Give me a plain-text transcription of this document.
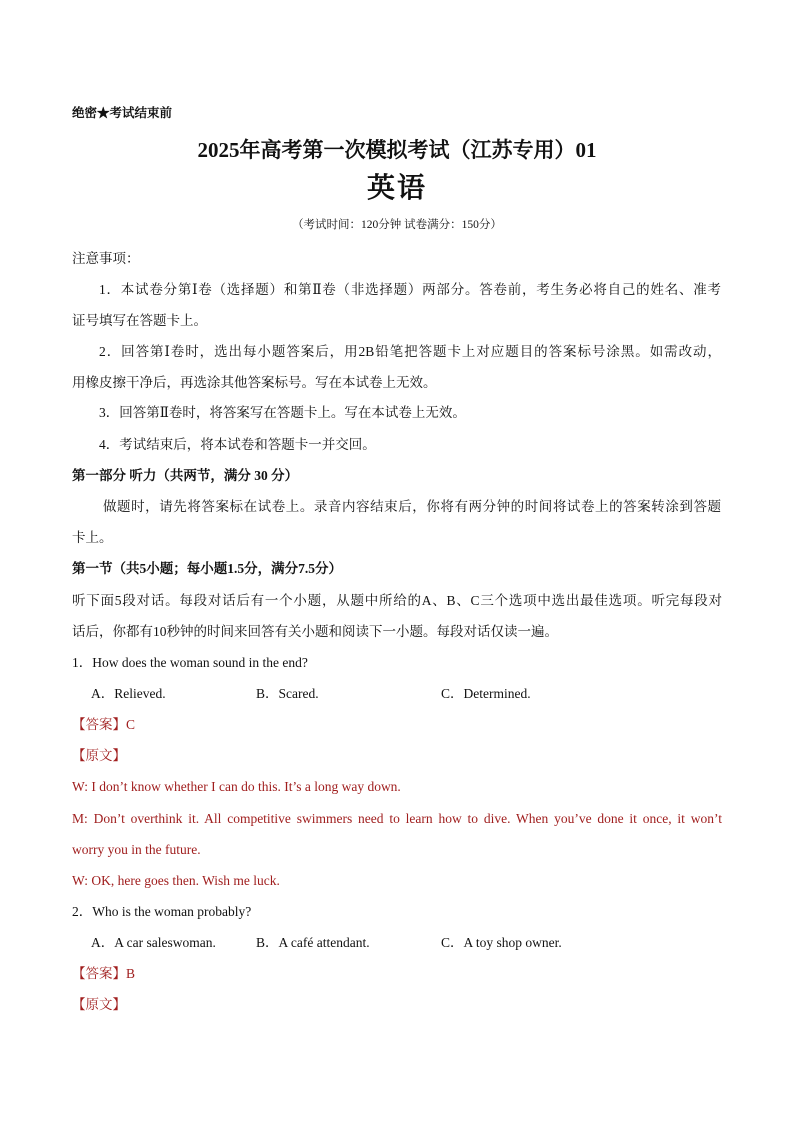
绝密★考试结束前
2025年高考第一次模拟考试（江苏专用）01
英语
（考试时间：120分钟 试卷满分：150分）
注意事项：
1．本试卷分第Ⅰ卷（选择题）和第Ⅱ卷（非选择题）两部分。答卷前，考生务必将自己的姓名、准考
证号填写在答题卡上。
2．回答第Ⅰ卷时，选出每小题答案后，用2B铅笔把答题卡上对应题目的答案标号涂黑。如需改动，
用橡皮擦干净后，再选涂其他答案标号。写在本试卷上无效。
3．回答第Ⅱ卷时，将答案写在答题卡上。写在本试卷上无效。
4．考试结束后，将本试卷和答题卡一并交回。
第一部分 听力（共两节，满分 30 分）
做题时，请先将答案标在试卷上。录音内容结束后，你将有两分钟的时间将试卷上的答案转涂到答题
卡上。
第一节（共5小题；每小题1.5分，满分7.5分）
听下面5段对话。每段对话后有一个小题，从题中所给的A、B、C三个选项中选出最佳选项。听完每段对
话后，你都有10秒钟的时间来回答有关小题和阅读下一小题。每段对话仅读一遍。
1．How does the woman sound in the end?
A．Relieved.	B．Scared.	C．Determined.
【答案】C
【原文】
W: I don’t know whether I can do this. It’s a long way down.
M: Don’t overthink it. All competitive swimmers need to learn how to dive. When you’ve done it once, it won’t
worry you in the future.
W: OK, here goes then. Wish me luck.
2．Who is the woman probably?
A．A car saleswoman.	B．A café attendant.	C．A toy shop owner.
【答案】B
【原文】
